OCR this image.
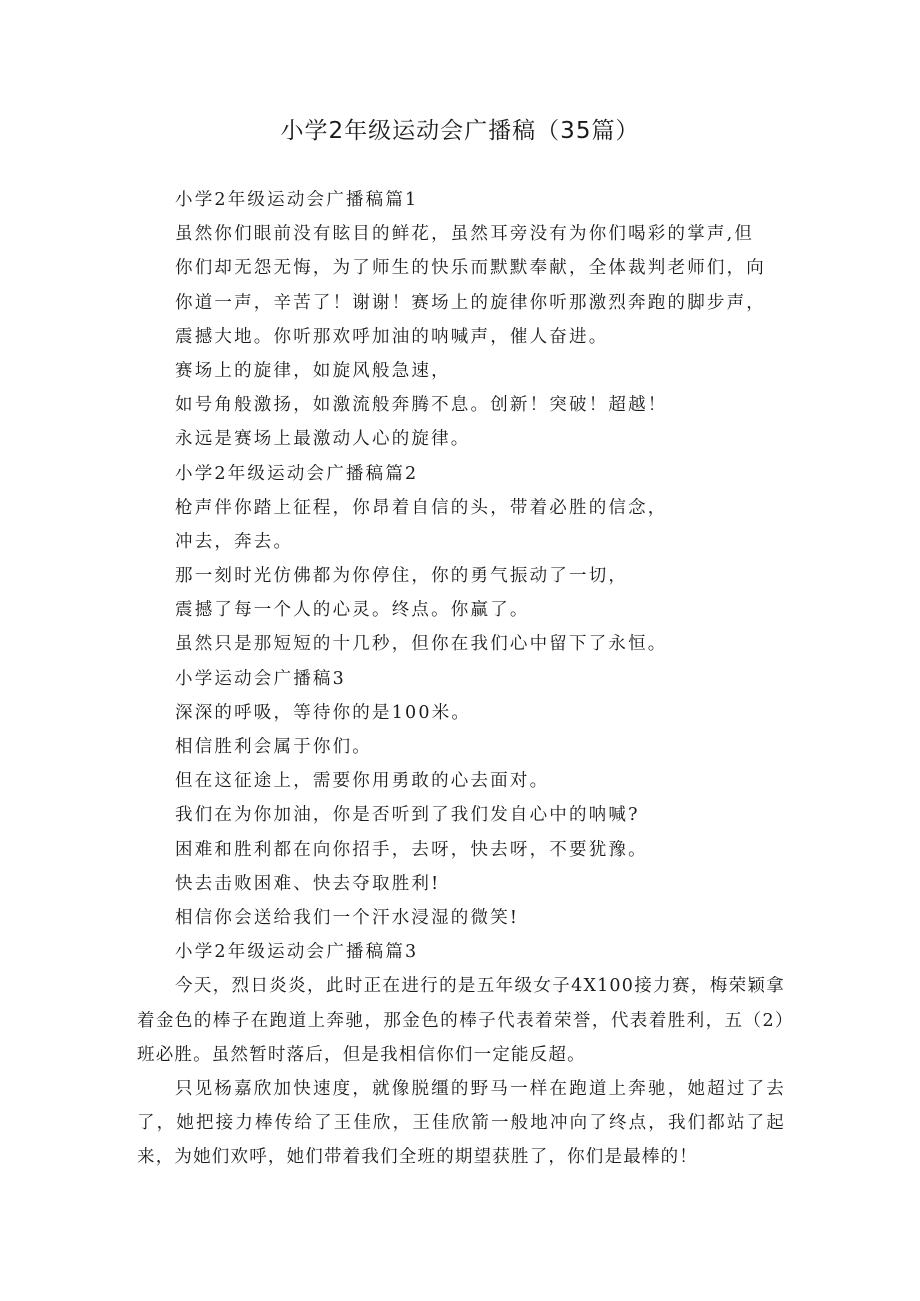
小学2年级运动会广播稿（35篇）
小学2年级运动会广播稿篇1
虽然你们眼前没有眩目的鲜花，虽然耳旁没有为你们喝彩的掌声,但
你们却无怨无悔，为了师生的快乐而默默奉献，全体裁判老师们，向
你道一声，辛苦了！谢谢！赛场上的旋律你听那激烈奔跑的脚步声，
震撼大地。你听那欢呼加油的呐喊声，催人奋进。
赛场上的旋律，如旋风般急速，
如号角般激扬，如激流般奔腾不息。创新！突破！超越！
永远是赛场上最激动人心的旋律。
小学2年级运动会广播稿篇2
枪声伴你踏上征程，你昂着自信的头，带着必胜的信念，
冲去，奔去。
那一刻时光仿佛都为你停住，你的勇气振动了一切，
震撼了每一个人的心灵。终点。你赢了。
虽然只是那短短的十几秒，但你在我们心中留下了永恒。
小学运动会广播稿3
深深的呼吸，等待你的是100米。
相信胜利会属于你们。
但在这征途上，需要你用勇敢的心去面对。
我们在为你加油，你是否听到了我们发自心中的呐喊?
困难和胜利都在向你招手，去呀，快去呀，不要犹豫。
快去击败困难、快去夺取胜利!
相信你会送给我们一个汗水浸湿的微笑!
小学2年级运动会广播稿篇3

今天，烈日炎炎，此时正在进行的是五年级女子4X100接力赛，梅荣颖拿着金色的棒子在跑道上奔驰，那金色的棒子代表着荣誉，代表着胜利，五（2）班必胜。虽然暂时落后，但是我相信你们一定能反超。

只见杨嘉欣加快速度，就像脱缰的野马一样在跑道上奔驰，她超过了去了，她把接力棒传给了王佳欣，王佳欣箭一般地冲向了终点，我们都站了起来，为她们欢呼，她们带着我们全班的期望获胜了，你们是最棒的！
